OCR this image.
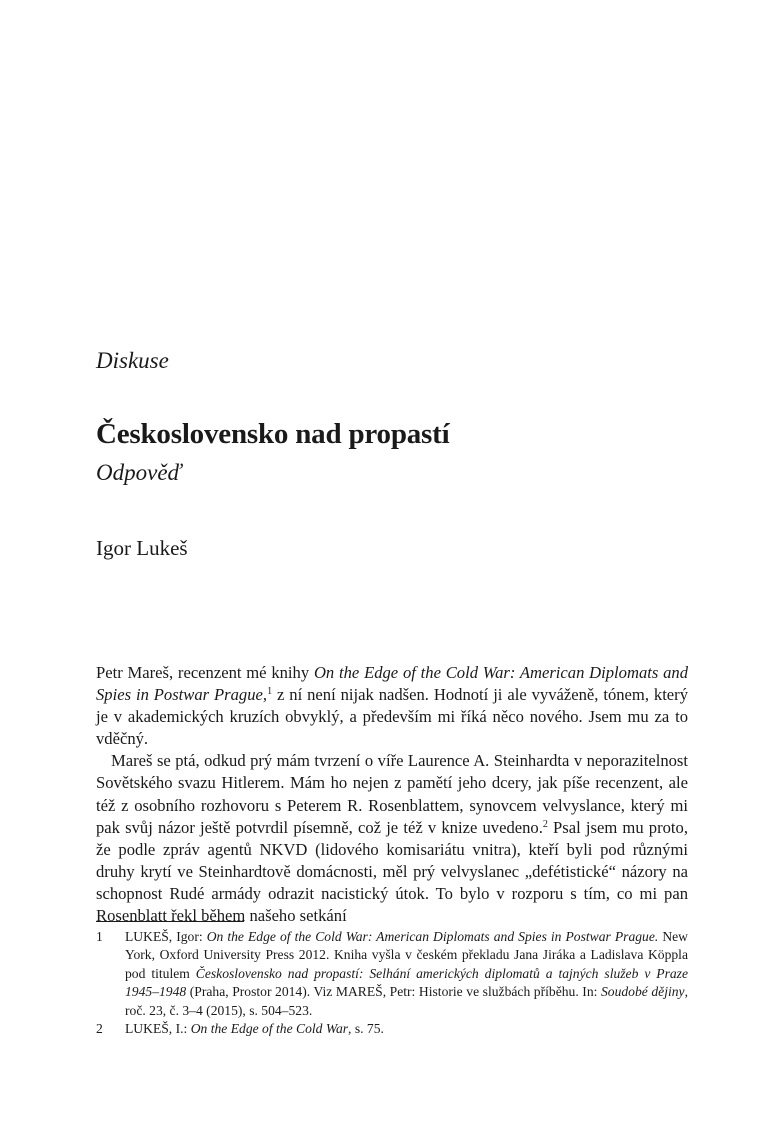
Diskuse
Československo nad propastí
Odpověď
Igor Lukeš

Petr Mareš, recenzent mé knihy On the Edge of the Cold War: American Diplomats and Spies in Postwar Prague,$^1$ z ní není nijak nadšen. Hodnotí ji ale vyváženě, tónem, který je v akademických kruzích obvyklý, a především mi říká něco nového. Jsem mu za to vděčný.

Mareš se ptá, odkud prý mám tvrzení o víře Laurence A. Steinhardta v neporazitelnost Sovětského svazu Hitlerem. Mám ho nejen z pamětí jeho dcery, jak píše recenzent, ale též z osobního rozhovoru s Peterem R. Rosenblattem, synovcem velvyslance, který mi pak svůj názor ještě potvrdil písemně, což je též v knize uvedeno.$^2$ Psal jsem mu proto, že podle zpráv agentů NKVD (lidového komisariátu vnitra), kteří byli pod různými druhy krytí ve Steinhardtově domácnosti, měl prý velvyslanec „defétistické“ názory na schopnost Rudé armády odrazit nacistický útok. To bylo v rozporu s tím, co mi pan Rosenblatt řekl během našeho setkání

1	LUKEŠ, Igor: On the Edge of the Cold War: American Diplomats and Spies in Postwar Prague. New York, Oxford University Press 2012. Kniha vyšla v českém překladu Jana Jiráka a Ladislava Köppla pod titulem Československo nad propastí: Selhání amerických diplomatů a tajných služeb v Praze 1945–1948 (Praha, Prostor 2014). Viz MAREŠ, Petr: Historie ve službách příběhu. In: Soudobé dějiny, roč. 23, č. 3–4 (2015), s. 504–523.
2	LUKEŠ, I.: On the Edge of the Cold War, s. 75.
